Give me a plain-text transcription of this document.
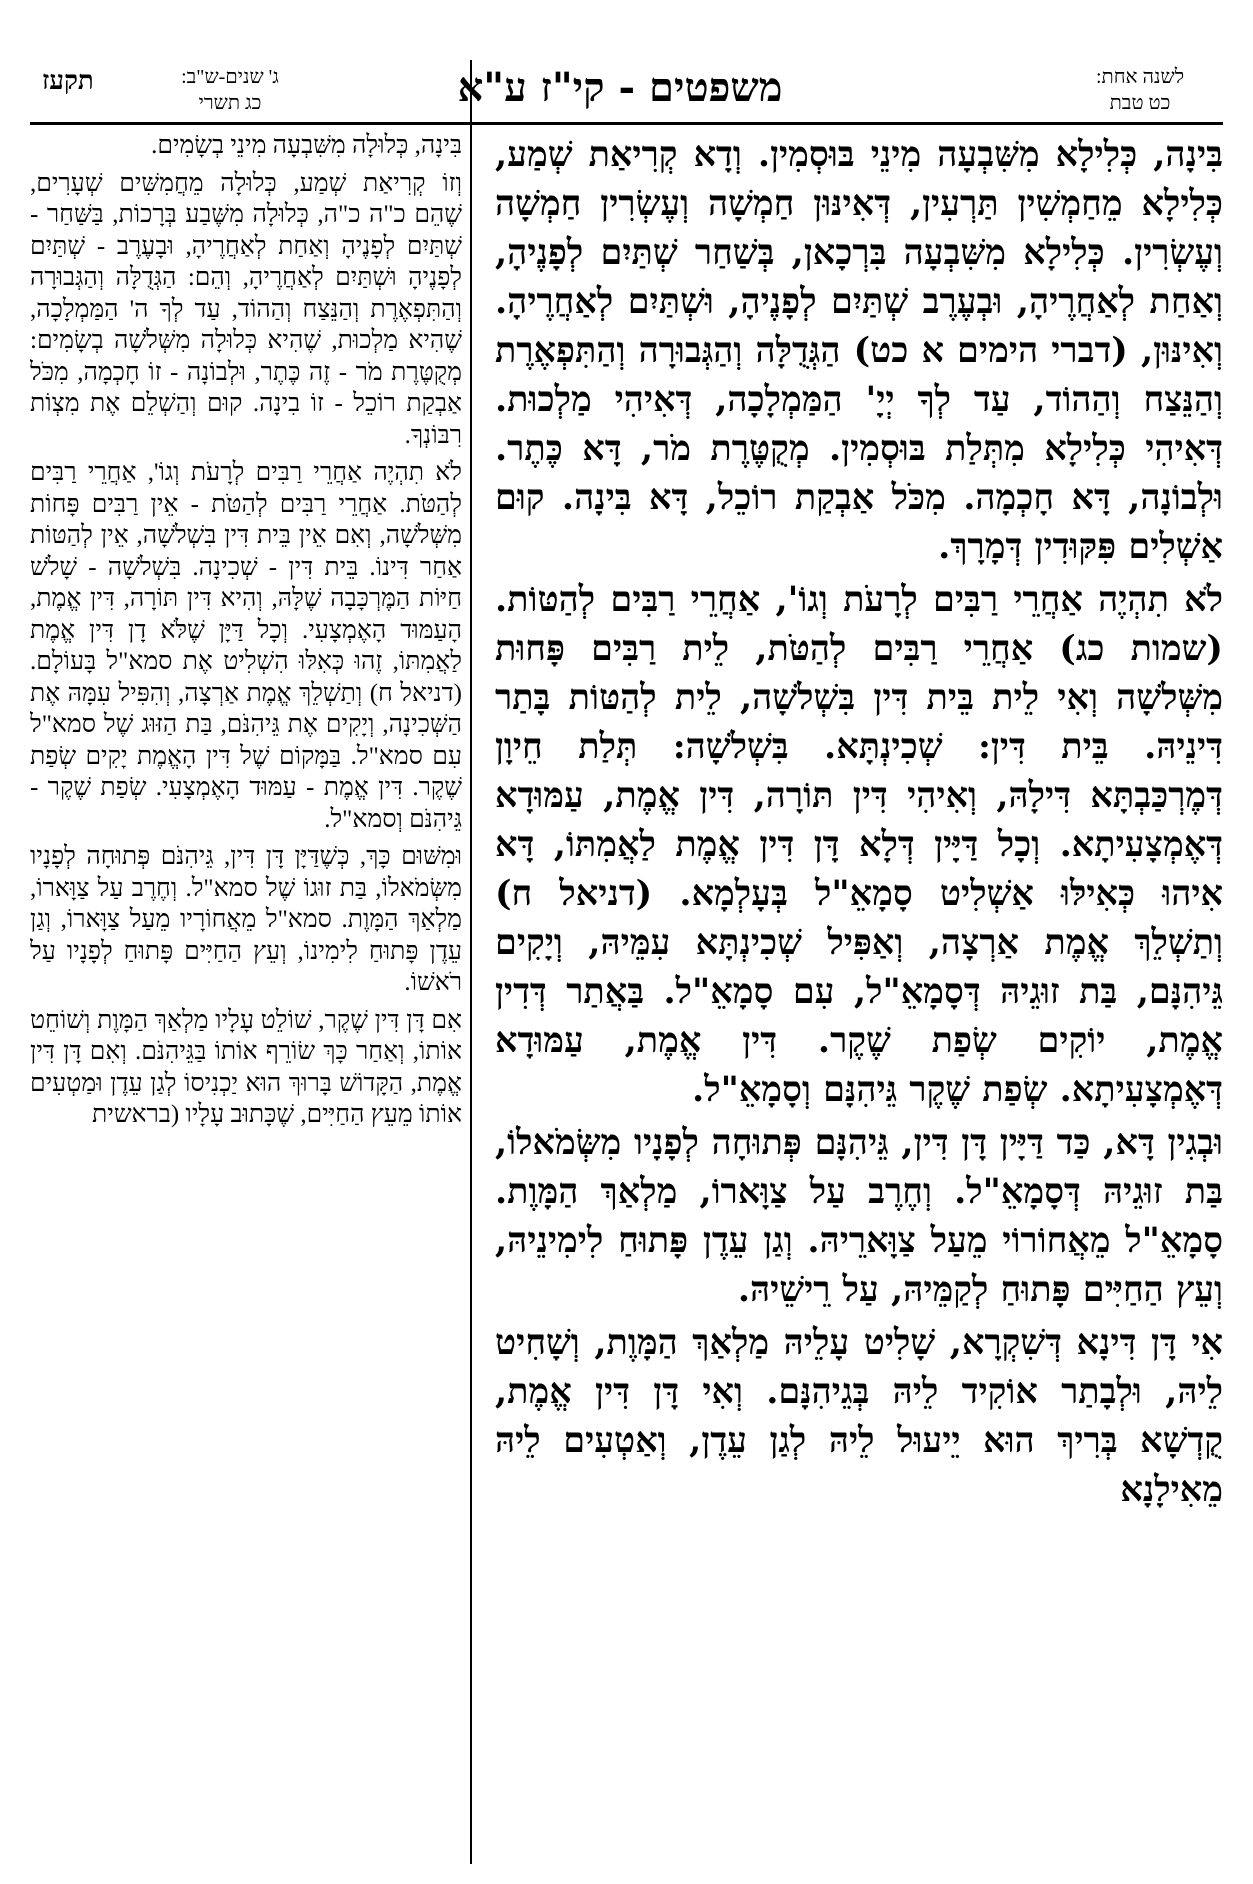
לשנה אחת:
כט טבת
משפטים - קי"ז ע"א
ג' שנים-ש"ב:
כג תשרי
תקעז

בִּינָה, כְּלִילָא מִשִּׁבְעָה מִינֵי בּוּסְמִין. וְדָא קְרִיאַת שְׁמַע, כְּלִילָא מֵחַמְשִׁין תַּרְעִין, דְּאִינּוּן חַמְשָׁה וְעֶשְׂרִין חַמְשָׁה וְעֶשְׂרִין. כְּלִילָא מִשִּׁבְעָה בִּרְכָאן, בְּשַׁחַר שְׁתַּיִם לְפָנֶיהָ, וְאַחַת לְאַחֲרֶיהָ, וּבְעֶרֶב שְׁתַּיִם לְפָנֶיהָ, וּשְׁתַּיִם לְאַחֲרֶיהָ. וְאִינּוּן, (דברי הימים א כט) הַגְּדֻלָּה וְהַגְּבוּרָה וְהַתִּפְאֶרֶת וְהַנֵּצַח וְהַהוֹד, עַד לְךָ יְיָ' הַמַּמְלָכָה, דְּאִיהִי מַלְכוּת. דְּאִיהִי כְּלִילָא מִתְּלַת בּוּסְמִין. מְקֻטֶּרֶת מֹר, דָּא כֶּתֶר. וּלְבוֹנָה, דָּא חָכְמָה. מִכֹּל אַבְקַת רוֹכֵל, דָּא בִּינָה. קוּם אַשְׁלִים פִּקּוּדִין דְּמָרָךְ.

לֹא תִהְיֶה אַחֲרֵי רַבִּים לְרָעֹת וְגוֹ', אַחֲרֵי רַבִּים לְהַטּוֹת. (שמות כג) אַחֲרֵי רַבִּים לְהַטֹּת, לֵית רַבִּים פָּחוּת מִשְּׁלֹשָׁה וְאִי לֵית בֵּית דִּין בִּשְׁלֹשָׁה, לֵית לְהַטּוֹת בָּתַר דִּינֵיהּ. בֵּית דִּין: שְׁכִינְתָּא. בִּשְׁלֹשָׁה: תְּלַת חֵיוָן דְּמֶרְכַּבְתָּא דִּילָהּ, וְאִיהִי דִּין תּוֹרָה, דִּין אֱמֶת, עַמּוּדָא דְּאֶמְצָעִיתָא. וְכָל דַּיָּין דְּלָא דָּן דִּין אֱמֶת לַאֲמִתּוֹ, דָּא אִיהוּ כְּאִילּוּ אַשְׁלִיט סָמָאֵ"ל בְּעָלְמָא. (דניאל ח) וְתַשְׁלֵךְ אֱמֶת אַרְצָה, וְאַפִּיל שְׁכִינְתָּא עִמֵּיהּ, וְיָקִים גֵּיהִנָּם, בַּת זוּגֵיהּ דְּסָמָאֵ"ל, עִם סָמָאֵ"ל. בַּאֲתַר דְּדִין אֱמֶת, יוֹקִים שְׂפַת שֶׁקֶר. דִּין אֱמֶת, עַמּוּדָא דְּאֶמְצָעִיתָא. שְׂפַת שֶׁקֶר גֵּיהִנָּם וְסָמָאֵ"ל.

וּבְגִין דָּא, כַּד דַּיָּין דָּן דִּין, גֵּיהִנָּם פְּתוּחָה לְפָנָיו מִשְּׂמֹאלוֹ, בַּת זוּגֵיהּ דְּסָמָאֵ"ל. וְחֶרֶב עַל צַוָּארוֹ, מַלְאַךְ הַמָּוֶת. סָמָאֵ"ל מֵאֲחוֹרוֹי מֵעַל צַוָּארֵיהּ. וְגַן עֵדֶן פָּתוּחַ לִימִינֵיהּ, וְעֵץ הַחַיִּים פָּתוּחַ לְקַמֵּיהּ, עַל רֵישֵׁיהּ.

אִי דָּן דִּינָא דְּשִׁקְרָא, שָׁלִיט עָלֵיהּ מַלְאַךְ הַמָּוֶת, וְשָׁחִיט לֵיהּ, וּלְבָתַר אוֹקִיד לֵיהּ בְּגֵיהִנָּם. וְאִי דָּן דִּין אֱמֶת, קֻדְשָׁא בְּרִיךְ הוּא יֵיעוּל לֵיהּ לְגַן עֵדֶן, וְאַטְעִים לֵיהּ מֵאִילָנָא

בִּינָה, כְּלוּלָה מִשִּׁבְעָה מִינֵי בְשָׂמִים.

וְזוֹ קְרִיאַת שְׁמַע, כְּלוּלָה מֵחֲמִשִּׁים שְׁעָרִים, שֶׁהֵם כ"ה כ"ה, כְּלוּלָה מִשֶּׁבַע בְּרָכוֹת, בַּשַּׁחַר - שְׁתַּיִם לְפָנֶיהָ וְאַחַת לְאַחֲרֶיהָ, וּבָעֶרֶב - שְׁתַּיִם לְפָנֶיהָ וּשְׁתַּיִם לְאַחֲרֶיהָ, וְהֵם: הַגְּדֻלָּה וְהַגְּבוּרָה וְהַתִּפְאֶרֶת וְהַנֵּצַח וְהַהוֹד, עַד לְךָ ה' הַמַּמְלָכָה, שֶׁהִיא מַלְכוּת, שֶׁהִיא כְּלוּלָה מִשְּׁלֹשָׁה בְשָׂמִים: מְקֻטֶּרֶת מֹר - זֶה כֶּתֶר, וּלְבוֹנָה - זוֹ חָכְמָה, מִכֹּל אַבְקַת רוֹכֵל - זוֹ בִינָה. קוּם וְהַשְׁלֵם אֶת מִצְוֹת רִבּוֹנְךָ.

לֹא תִהְיֶה אַחֲרֵי רַבִּים לְרָעֹת וְגוֹ', אַחֲרֵי רַבִּים לְהַטֹּת. אַחֲרֵי רַבִּים לְהַטֹּת - אֵין רַבִּים פָּחוֹת מִשְּׁלֹשָׁה, וְאִם אֵין בֵּית דִּין בִּשְׁלֹשָׁה, אֵין לְהַטּוֹת אַחַר דִּינוֹ. בֵּית דִּין - שְׁכִינָה. בִּשְׁלֹשָׁה - שָׁלֹשׁ חַיּוֹת הַמֶּרְכָּבָה שֶׁלָּהּ, וְהִיא דִּין תּוֹרָה, דִּין אֱמֶת, הָעַמּוּד הָאֶמְצָעִי. וְכָל דַּיָּן שֶׁלֹּא דָן דִּין אֱמֶת לַאֲמִתּוֹ, זֶהוּ כְּאִלּוּ הִשְׁלִיט אֶת סמא"ל בָּעוֹלָם. (דניאל ח) וְתַשְׁלֵךְ אֱמֶת אַרְצָה, וְהִפִּיל עִמָּהּ אֶת הַשְּׁכִינָה, וְיָקִים אֶת גֵּיהִנֹּם, בַּת הַזּוּג שֶׁל סמא"ל עִם סמא"ל. בַּמָּקוֹם שֶׁל דִּין הָאֱמֶת יָקִים שְׂפַת שֶׁקֶר. דִּין אֱמֶת - עַמּוּד הָאֶמְצָעִי. שְׂפַת שֶׁקֶר - גֵּיהִנֹּם וְסמא"ל.

וּמִשּׁוּם כָּךְ, כְּשֶׁדַּיָּן דָּן דִּין, גֵּיהִנֹּם פְּתוּחָה לְפָנָיו מִשְּׂמֹאלוֹ, בַּת זוּגוֹ שֶׁל סמא"ל. וְחֶרֶב עַל צַוָּארוֹ, מַלְאַךְ הַמָּוֶת. סמא"ל מֵאֲחוֹרָיו מֵעַל צַוָּארוֹ, וְגַן עֵדֶן פָּתוּחַ לִימִינוֹ, וְעֵץ הַחַיִּים פָּתוּחַ לְפָנָיו עַל רֹאשׁוֹ.

אִם דָּן דִּין שֶׁקֶר, שׁוֹלֵט עָלָיו מַלְאַךְ הַמָּוֶת וְשׁוֹחֵט אוֹתוֹ, וְאַחַר כָּךְ שׂוֹרֵף אוֹתוֹ בַּגֵּיהִנֹּם. וְאִם דָּן דִּין אֱמֶת, הַקָּדוֹשׁ בָּרוּךְ הוּא יַכְנִיסוֹ לְגַן עֵדֶן וּמַטְעִים אוֹתוֹ מֵעֵץ הַחַיִּים, שֶׁכָּתוּב עָלָיו (בראשית
